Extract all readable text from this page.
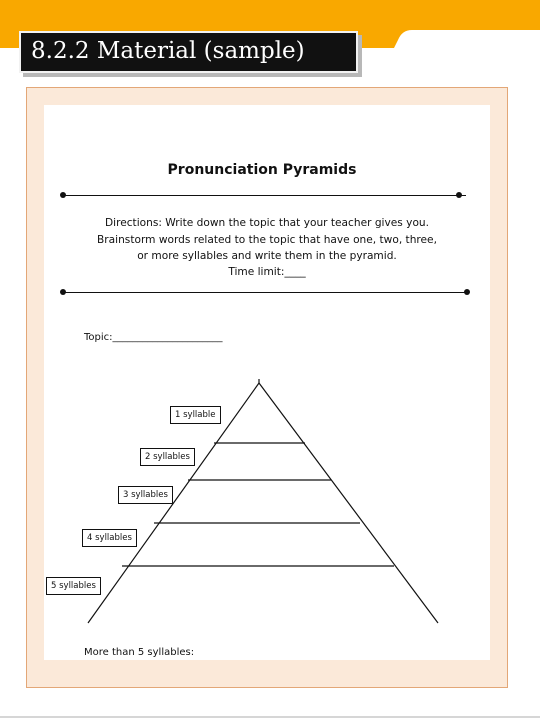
8.2.2 Material (sample)
Pronunciation Pyramids
Directions: Write down the topic that your teacher gives you.
Brainstorm words related to the topic that have one, two, three,
or more syllables and write them in the pyramid.
Time limit:____
Topic:______________________
1 syllable
2 syllables
3 syllables
4 syllables
5 syllables
More than 5 syllables:
